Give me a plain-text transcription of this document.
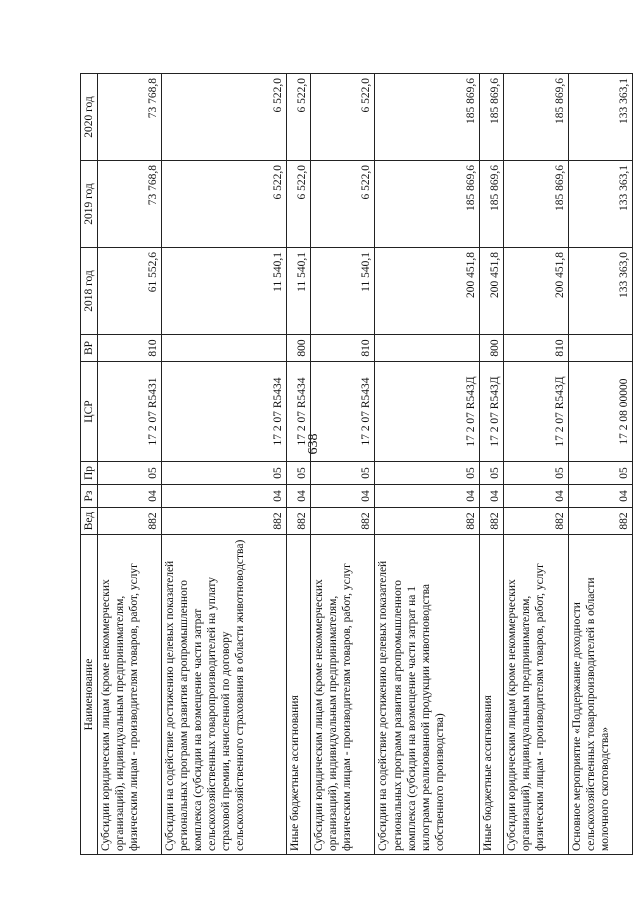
638
Наименование	Вед	Рз	Пр	ЦСР	ВР	2018 год	2019 год	2020 год
Субсидии юридическим лицам (кроме некоммерческих организаций), индивидуальным предпринимателям, физическим лицам - производителям товаров, работ, услуг	882	04	05	17 2 07 R5431	810	61 552,6	73 768,8	73 768,8
Субсидии на содействие достижению целевых показателей региональных программ развития агропромышленного комплекса (субсидии на возмещение части затрат сельскохозяйственных товаропроизводителей на уплату страховой премии, начисленной по договору сельскохозяйственного страхования в области животноводства)	882	04	05	17 2 07 R5434		11 540,1	6 522,0	6 522,0
Иные бюджетные ассигнования	882	04	05	17 2 07 R5434	800	11 540,1	6 522,0	6 522,0
Субсидии юридическим лицам (кроме некоммерческих организаций), индивидуальным предпринимателям, физическим лицам - производителям товаров, работ, услуг	882	04	05	17 2 07 R5434	810	11 540,1	6 522,0	6 522,0
Субсидии на содействие достижению целевых показателей региональных программ развития агропромышленного комплекса (субсидии на возмещение части затрат на 1 килограмм реализованной продукции животноводства собственного производства)	882	04	05	17 2 07 R543Д		200 451,8	185 869,6	185 869,6
Иные бюджетные ассигнования	882	04	05	17 2 07 R543Д	800	200 451,8	185 869,6	185 869,6
Субсидии юридическим лицам (кроме некоммерческих организаций), индивидуальным предпринимателям, физическим лицам - производителям товаров, работ, услуг	882	04	05	17 2 07 R543Д	810	200 451,8	185 869,6	185 869,6
Основное мероприятие «Поддержание доходности сельскохозяйственных товаропроизводителей в области молочного скотоводства»	882	04	05	17 2 08 00000		133 363,0	133 363,1	133 363,1
